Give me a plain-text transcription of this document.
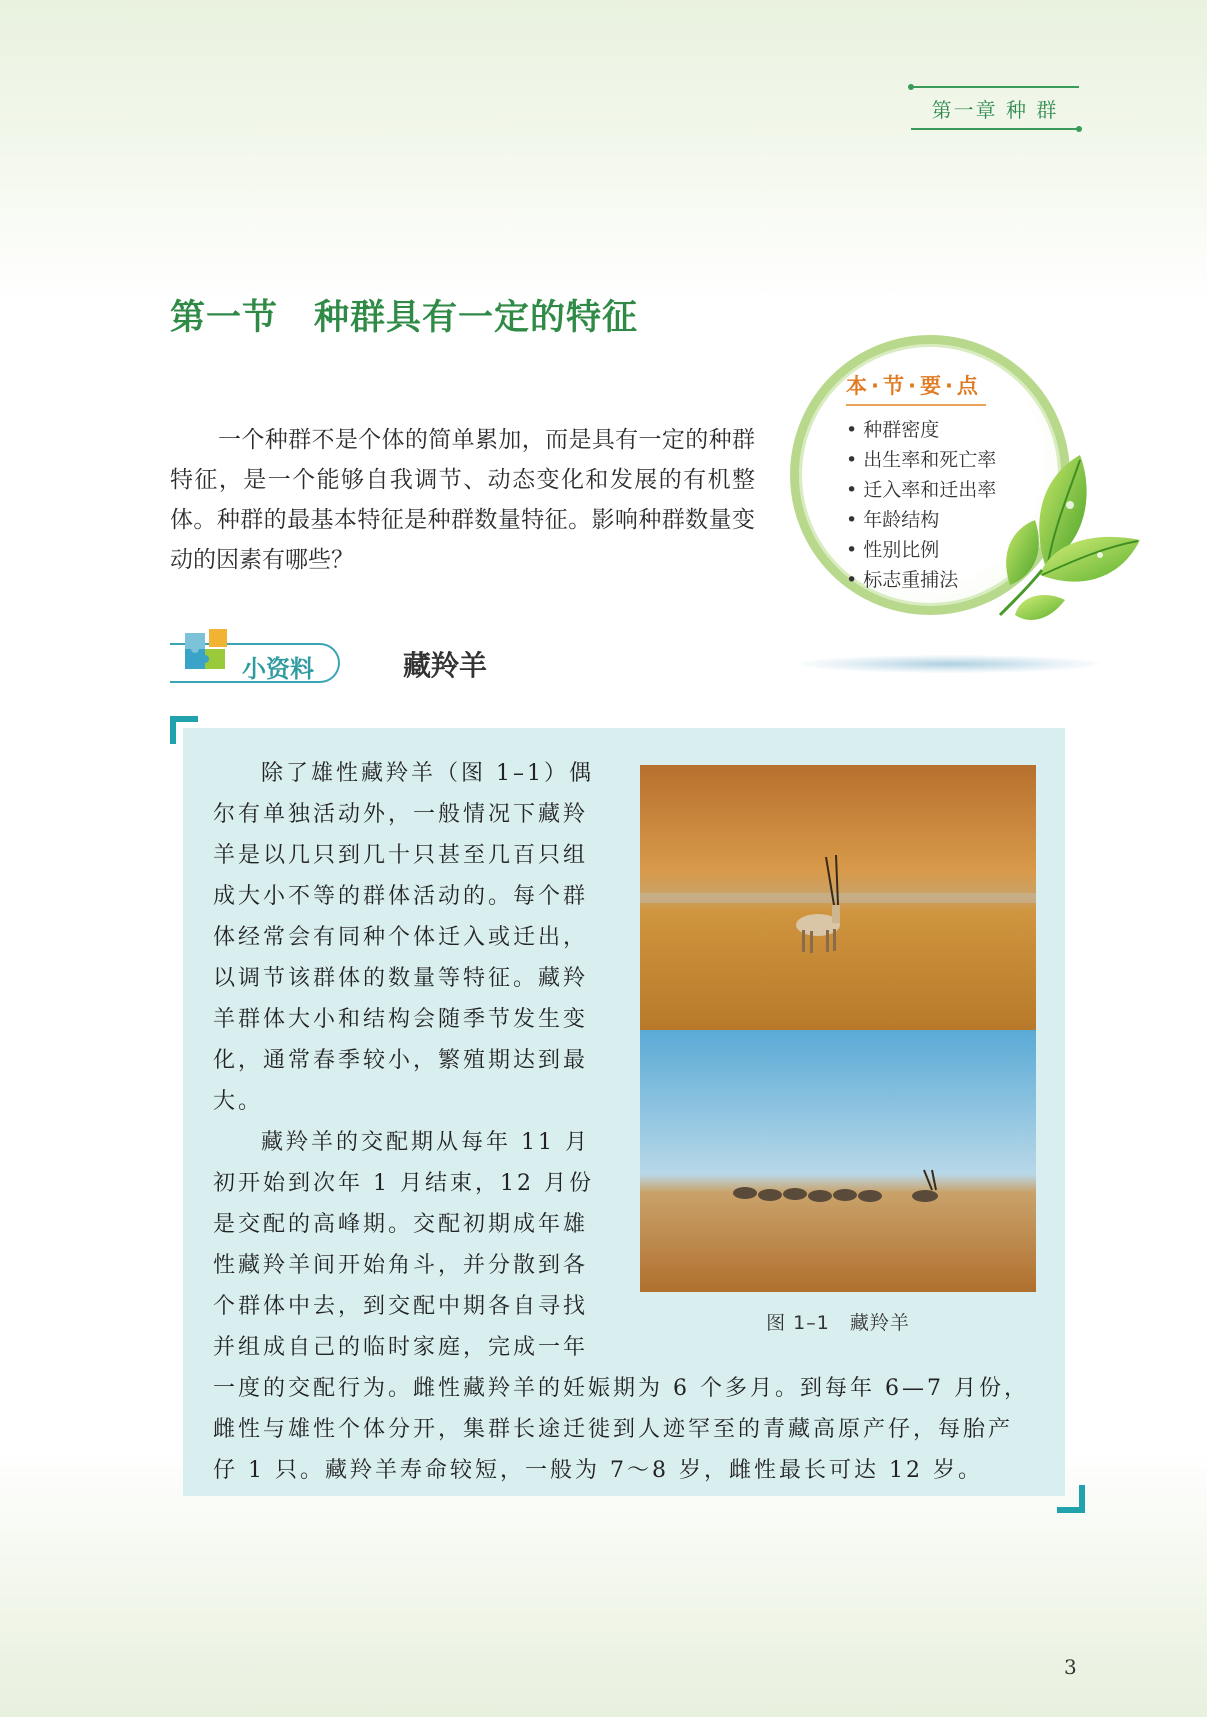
第一章 种 群
第一节　种群具有一定的特征

一个种群不是个体的简单累加，而是具有一定的种群特征，是一个能够自我调节、动态变化和发展的有机整体。种群的最基本特征是种群数量特征。影响种群数量变动的因素有哪些？

本·节·要·点
• 种群密度
• 出生率和死亡率
• 迁入率和迁出率
• 年龄结构
• 性别比例
• 标志重捕法
小资料	藏羚羊

除了雄性藏羚羊（图 1–1）偶尔有单独活动外，一般情况下藏羚羊是以几只到几十只甚至几百只组成大小不等的群体活动的。每个群体经常会有同种个体迁入或迁出，以调节该群体的数量等特征。藏羚羊群体大小和结构会随季节发生变化，通常春季较小，繁殖期达到最大。

藏羚羊的交配期从每年 11 月初开始到次年 1 月结束，12 月份是交配的高峰期。交配初期成年雄性藏羚羊间开始角斗，并分散到各个群体中去，到交配中期各自寻找并组成自己的临时家庭，完成一年一度的交配行为。雌性藏羚羊的妊娠期为 6 个多月。到每年 6—7 月份，雌性与雄性个体分开，集群长途迁徙到人迹罕至的青藏高原产仔，每胎产仔 1 只。藏羚羊寿命较短，一般为 7～8 岁，雌性最长可达 12 岁。

图 1–1　藏羚羊
3
